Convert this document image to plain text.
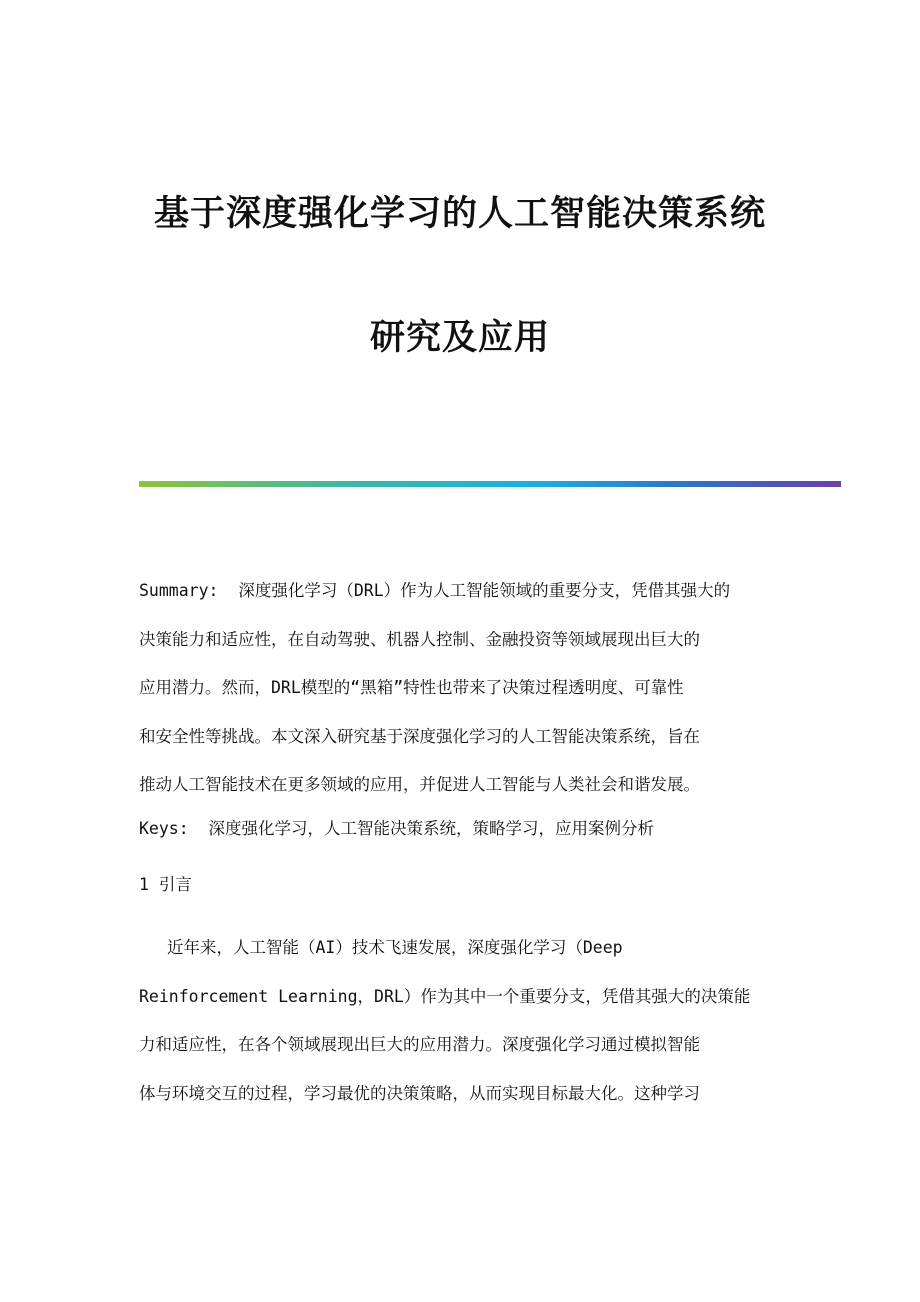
基于深度强化学习的人工智能决策系统
研究及应用
Summary: 深度强化学习（DRL）作为人工智能领域的重要分支，凭借其强大的
决策能力和适应性，在自动驾驶、机器人控制、金融投资等领域展现出巨大的
应用潜力。然而，DRL模型的“黑箱”特性也带来了决策过程透明度、可靠性
和安全性等挑战。本文深入研究基于深度强化学习的人工智能决策系统，旨在
推动人工智能技术在更多领域的应用，并促进人工智能与人类社会和谐发展。
Keys: 深度强化学习，人工智能决策系统，策略学习，应用案例分析
1 引言
近年来，人工智能（AI）技术飞速发展，深度强化学习（Deep
Reinforcement Learning，DRL）作为其中一个重要分支，凭借其强大的决策能
力和适应性，在各个领域展现出巨大的应用潜力。深度强化学习通过模拟智能
体与环境交互的过程，学习最优的决策策略，从而实现目标最大化。这种学习
